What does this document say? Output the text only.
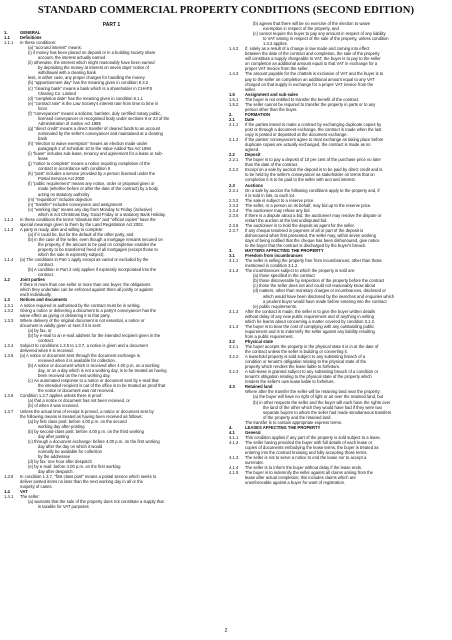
STANDARD COMMERCIAL PROPERTY CONDITIONS (SECOND EDITION)
PART 1
1.	GENERAL
1.1	Definitions
1.1.1	In these conditions:
(a) "accrued interest" means:
(i) if money has been placed on deposit or in a building society share
account, the interest actually earned
(ii) otherwise, the interest which might reasonably have been earned
by depositing the money at interest on seven days' notice of
withdrawal with a clearing bank
less, in either case, any proper charges for handling the money
(b) "apportionment day" has the meaning given in condition 8.3.2
(c) "clearing bank" means a bank which is a shareholder in CHAPS
Clearing Co. Limited
(d) "completion date" has the meaning given in condition 6.1.1
(e) "contract rate" is the Law Society's interest rate from time to time in
force
(f) "conveyancer" means a solicitor, barrister, duly certified notary public,
licensed conveyancer or recognised body under sections 9 or 23 of the
Administration of Justice Act 1985
(g) "direct credit" means a direct transfer of cleared funds to an account
nominated by the seller's conveyancer and maintained at a clearing
bank
(h) "election to waive exemption" means an election made under
paragraph 2 of Schedule 10 to the Value Added Tax Act 1994
(i) "lease" includes sub-lease, tenancy and agreement for a lease or sub-
lease
(j) "notice to complete" means a notice requiring completion of the
contract in accordance with condition 6
(k) "post" includes a service provided by a person licensed under the
Postal Services Act 2000
(l) "public requirement" means any notice, order or proposal given or
made (whether before or after the date of the contract) by a body
acting on statutory authority
(m) "requisition" includes objection
(n) "transfer" includes conveyance and assignment
(o) "working day" means any day from Monday to Friday (inclusive)
which is not Christmas Day, Good Friday or a statutory Bank Holiday.
1.1.2	In these conditions the terms "absolute title" and "official copies" have the
special meanings given to them by the Land Registration Act 2002.
1.1.3	A party is ready, able and willing to complete:
(a) if it could be, but for the default of the other party, and
(b) in the case of the seller, even though a mortgage remains secured on
the property, if the amount to be paid on completion enables the
property to be transferred freed of all mortgages (except those to
which the sale is expressly subject).
1.1.4	(a) The conditions in Part 1 apply except as varied or excluded by the
contract.
(b) A condition in Part 2 only applies if expressly incorporated into the
contract.
1.2	Joint parties
If there is more than one seller or more than one buyer, the obligations
which they undertake can be enforced against them all jointly or against
each individually.
1.3	Notices and documents
1.3.1	A notice required or authorised by the contract must be in writing.
1.3.2	Giving a notice or delivering a document to a party's conveyancer has the
same effect as giving or delivering it to that party.
1.3.3	Where delivery of the original document is not essential, a notice or
document is validly given or sent if it is sent:
(a) by fax, or
(b) by e-mail to an e-mail address for the intended recipient given in the
contract.
1.3.4	Subject to conditions 1.3.5 to 1.3.7, a notice is given and a document
delivered when it is received.
1.3.5	(a) A notice or document sent through the document exchange is
received when it is available for collection.
(b) A notice or document which is received after 4.00 p.m. on a working
day, or on a day which is not a working day, is to be treated as having
been received on the next working day.
(c) An automated response to a notice or document sent by e-mail that
the intended recipient is out of the office is to be treated as proof that
the notice or document was not received.
1.3.6	Condition 1.3.7 applies unless there is proof:
(a) that a notice or document has not been received, or
(b) of when it was received.
1.3.7	Unless the actual time of receipt is proved, a notice or document sent by
the following means is treated as having been received as follows:
(a) by first class post: before 4.00 p.m. on the second
working day after posting
(b) by second-class post: before 4.00 p.m. on the third working
day after posting
(c) through a document exchange: before 4.00 p.m. on the first working
day after the day on which it would
normally be available for collection
by the addressee
(d) by fax: one hour after despatch
(e) by e-mail: before 4.00 p.m. on the first working
day after despatch.
1.3.8	In condition 1.3.7, "first class post" means a postal service which seeks to
deliver posted items no later than the next working day in all or the
majority of cases.
1.4	VAT
1.4.1	The seller:
(a) warrants that the sale of the property does not constitute a supply that
is taxable for VAT purposes
(b) agrees that there will be no exercise of the election to waive
exemption in respect of the property, and
(c) cannot require the buyer to pay any amount in respect of any liability
to VAT arising in respect of the sale of the property, unless condition
1.4.2 applies.
1.4.2	If, solely as a result of a change in law made and coming into effect
between the date of the contract and completion, the sale of the property
will constitute a supply chargeable to VAT, the buyer is to pay to the seller
on completion an additional amount equal to that VAT in exchange for a
proper VAT invoice from the seller.
1.4.3	The amount payable for the chattels is exclusive of VAT and the buyer is to
pay to the seller on completion an additional amount equal to any VAT
charged on that supply in exchange for a proper VAT invoice from the
seller.
1.5	Assignment and sub-sales
1.5.1	The buyer is not entitled to transfer the benefit of the contract.
1.5.2	The seller cannot be required to transfer the property in parts or to any
person other than the buyer.
2.	FORMATION
2.1	Date
2.1.1	If the parties intend to make a contract by exchanging duplicate copies by
post or through a document exchange, the contract is made when the last
copy is posted or deposited at the document exchange.
2.1.2	If the parties' conveyancers agree to treat exchange as taking place before
duplicate copies are actually exchanged, the contract is made as so
agreed.
2.2	Deposit
2.2.1	The buyer is to pay a deposit of 10 per cent of the purchase price no later
than the date of the contract.
2.2.2	Except on a sale by auction the deposit is to be paid by direct credit and is
to be held by the seller's conveyancer as stakeholder on terms that on
completion it is to be paid to the seller with accrued interest.
2.3	Auctions
2.3.1	On a sale by auction the following conditions apply to the property and, if
it is sold in lots, to each lot.
2.3.2	The sale is subject to a reserve price.
2.3.3	The seller, or a person on its behalf, may bid up to the reserve price.
2.3.4	The auctioneer may refuse any bid.
2.3.5	If there is a dispute about a bid, the auctioneer may resolve the dispute or
restart the auction at the last undisputed bid.
2.3.6	The auctioneer is to hold the deposit as agent for the seller.
2.3.7	If any cheque tendered in payment of all or part of the deposit is
dishonoured when first presented, the seller may, within seven working
days of being notified that the cheque has been dishonoured, give notice
to the buyer that the contract is discharged by the buyer's breach.
3.	MATTERS AFFECTING THE PROPERTY
3.1	Freedom from incumbrances
3.1.1	The seller is selling the property free from incumbrances, other than those
mentioned in condition 3.1.2.
3.1.2	The incumbrances subject to which the property is sold are:
(a) those specified in the contract
(b) those discoverable by inspection of the property before the contract
(c) those the seller does not and could not reasonably know about
(d) matters, other than monetary charges or incumbrances, disclosed or
which would have been disclosed by the searches and enquiries which
a prudent buyer would have made before entering into the contract
(e) public requirements.
3.1.3	After the contract is made, the seller is to give the buyer written details
without delay of any new public requirement and of anything in writing
which he learns about concerning a matter covered by condition 3.1.2.
3.1.4	The buyer is to bear the cost of complying with any outstanding public
requirement and is to indemnify the seller against any liability resulting
from a public requirement.
3.2	Physical state
3.2.1	The buyer accepts the property in the physical state it is in at the date of
the contract unless the seller is building or converting it.
3.2.2	A leasehold property is sold subject to any subsisting breach of a
condition or tenant's obligation relating to the physical state of the
property which renders the lease liable to forfeiture.
3.2.3	A sub-lease is granted subject to any subsisting breach of a condition or
tenant's obligation relating to the physical state of the property which
renders the seller's own lease liable to forfeiture.
3.3	Retained land
Where after the transfer the seller will be retaining land near the property:
(a) the buyer will have no right of light or air over the retained land, but
(b) in other respects the seller and the buyer will each have the rights over
the land of the other which they would have had if they were two
separate buyers to whom the seller had made simultaneous transfers
of the property and the retained land.
The transfer is to contain appropriate express terms.
4.	LEASES AFFECTING THE PROPERTY
4.1	General
4.1.1	This condition applies if any part of the property is sold subject to a lease.
4.1.2	The seller having provided the buyer with full details of each lease or
copies of documents embodying the lease terms, the buyer is treated as
entering into the contract knowing and fully accepting those terms.
4.1.3	The seller is not to serve a notice to end the lease nor to accept a
surrender.
4.1.4	The seller is to inform the buyer without delay if the lease ends.
4.1.5	The buyer is to indemnify the seller against all claims arising from the
lease after actual completion; this includes claims which are
unenforceable against a buyer for want of registration.
2
